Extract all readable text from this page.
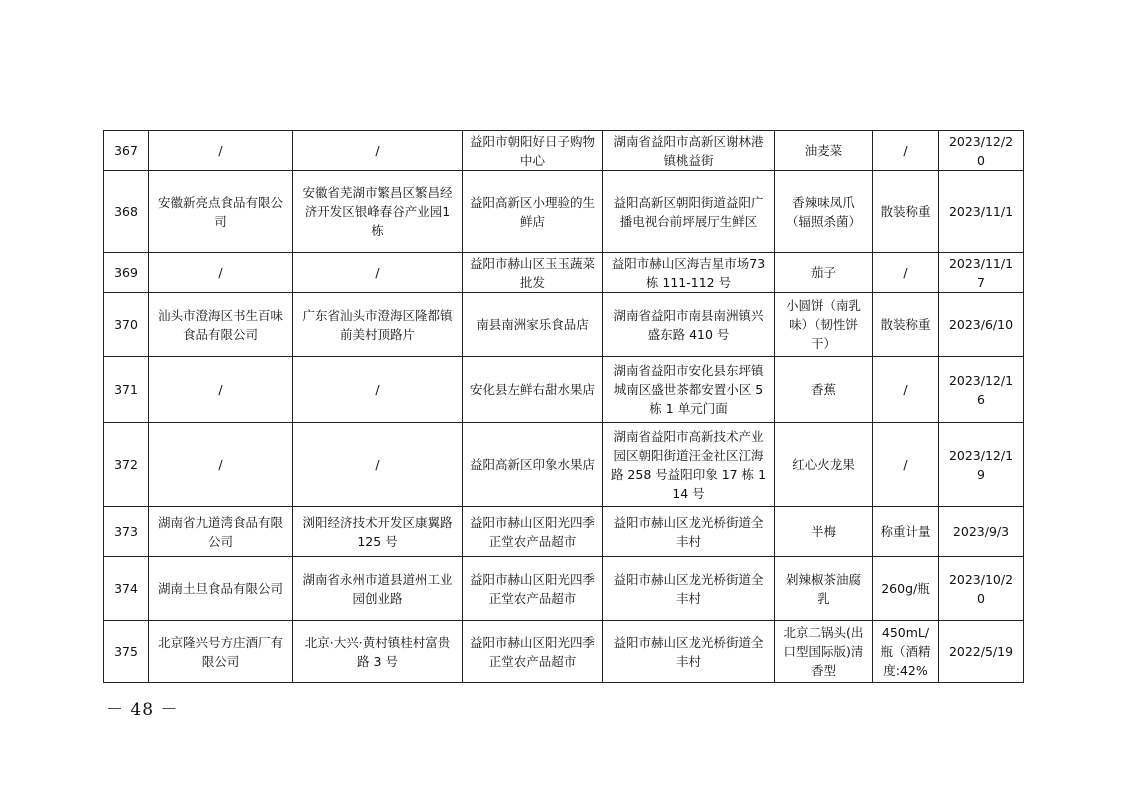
367	/	/	益阳市朝阳好日子购物中心	湖南省益阳市高新区谢林港镇桃益街	油麦菜	/	2023/12/20
368	安徽新亮点食品有限公司	安徽省芜湖市繁昌区繁昌经济开发区银峰春谷产业园1栋	益阳高新区小理验的生鲜店	益阳高新区朝阳街道益阳广播电视台前坪展厅生鲜区	香辣味凤爪（辐照杀菌）	散装称重	2023/11/1
369	/	/	益阳市赫山区玉玉蔬菜批发	益阳市赫山区海吉星市场73 栋 111-112 号	茄子	/	2023/11/17
370	汕头市澄海区书生百味食品有限公司	广东省汕头市澄海区隆都镇前美村顶路片	南县南洲家乐食品店	湖南省益阳市南县南洲镇兴盛东路 410 号	小圆饼（南乳味）（韧性饼干）	散装称重	2023/6/10
371	/	/	安化县左鲜右甜水果店	湖南省益阳市安化县东坪镇城南区盛世茶都安置小区 5 栋 1 单元门面	香蕉	/	2023/12/16
372	/	/	益阳高新区印象水果店	湖南省益阳市高新技术产业园区朝阳街道汪金社区江海路 258 号益阳印象 17 栋 114 号	红心火龙果	/	2023/12/19
373	湖南省九道湾食品有限公司	浏阳经济技术开发区康翼路 125 号	益阳市赫山区阳光四季正堂农产品超市	益阳市赫山区龙光桥街道全丰村	半梅	称重计量	2023/9/3
374	湖南土旦食品有限公司	湖南省永州市道县道州工业园创业路	益阳市赫山区阳光四季正堂农产品超市	益阳市赫山区龙光桥街道全丰村	剁辣椒茶油腐乳	260g/瓶	2023/10/20
375	北京隆兴号方庄酒厂有限公司	北京·大兴·黄村镇桂村富贵路 3 号	益阳市赫山区阳光四季正堂农产品超市	益阳市赫山区龙光桥街道全丰村	北京二锅头(出口型国际版)清香型	450mL/瓶（酒精度:42%	2022/5/19
－ 48 －
